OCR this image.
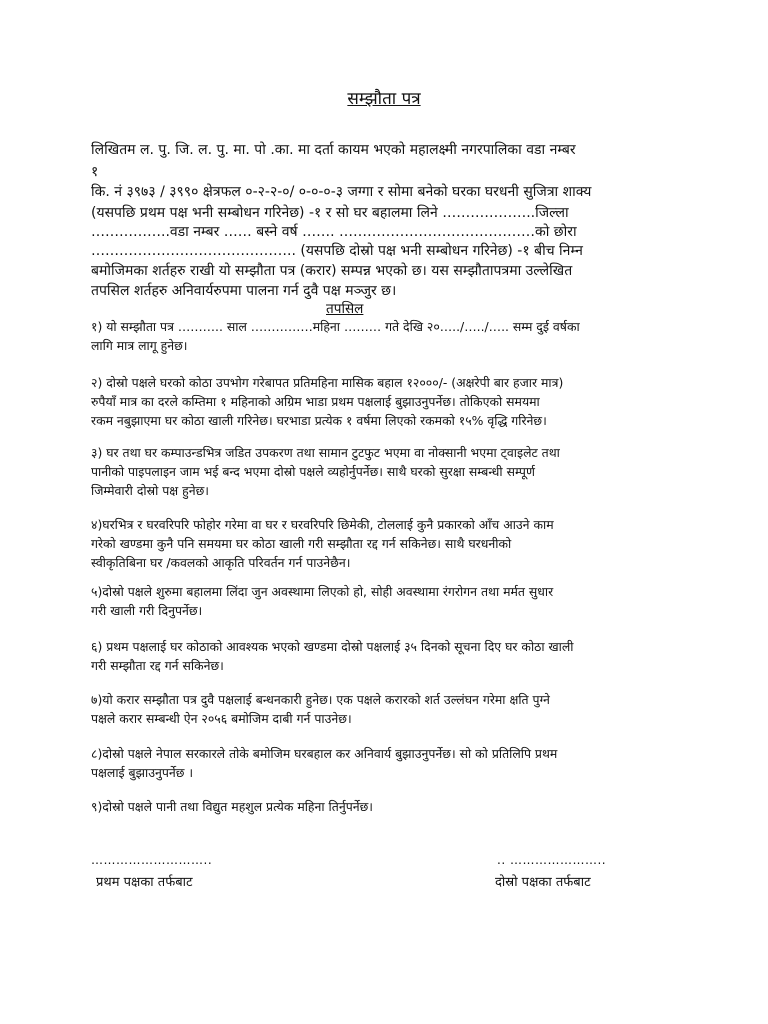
सम्झौता पत्र

लिखितम ल. पु. जि. ल. पु. मा. पो .का. मा दर्ता कायम भएको महालक्ष्मी नगरपालिका वडा नम्बर

१

कि. नं ३९७३ / ३९९० क्षेत्रफल ०-२-२-०/ ०-०-०-३ जग्गा र सोमा बनेको घरका घरधनी सुजित्रा शाक्य

(यसपछि प्रथम पक्ष भनी सम्बोधन गरिनेछ) -१ र सो घर बहालमा लिने ………………..जिल्ला

……………..वडा नम्बर …… बस्ने वर्ष ……. ……………………………………को छोरा

…………………………………….. (यसपछि दोस्रो पक्ष भनी सम्बोधन गरिनेछ) -१ बीच निम्न

बमोजिमका शर्तहरु राखी यो सम्झौता पत्र (करार) सम्पन्न भएको छ। यस सम्झौतापत्रमा उल्लेखित

तपसिल शर्तहरु अनिवार्यरुपमा पालना गर्न दुवै पक्ष मञ्जुर छ।

तपसिल

१) यो सम्झौता पत्र ……….. साल ……………महिना ……… गते देखि २०…../…../….. सम्म दुई वर्षका

लागि मात्र लागू हुनेछ।

२) दोस्रो पक्षले घरको कोठा उपभोग गरेबापत प्रतिमहिना मासिक बहाल १२०००/- (अक्षरेपी बार हजार मात्र)

रुपैयाँ मात्र का दरले कम्तिमा १ महिनाको अग्रिम भाडा प्रथम पक्षलाई बुझाउनुपर्नेछ। तोकिएको समयमा

रकम नबुझाएमा घर कोठा खाली गरिनेछ। घरभाडा प्रत्येक १ वर्षमा लिएको रकमको १५% वृद्धि गरिनेछ।

३) घर तथा घर कम्पाउन्डभित्र जडित उपकरण तथा सामान टुटफुट भएमा वा नोक्सानी भएमा ट्वाइलेट तथा

पानीको पाइपलाइन जाम भई बन्द भएमा दोस्रो पक्षले व्यहोर्नुपर्नेछ। साथै घरको सुरक्षा सम्बन्धी सम्पूर्ण

जिम्मेवारी दोस्रो पक्ष हुनेछ।

४)घरभित्र र घरवरिपरि फोहोर गरेमा वा घर र घरवरिपरि छिमेकी, टोललाई कुनै प्रकारको आँच आउने काम

गरेको खण्डमा कुनै पनि समयमा घर कोठा खाली गरी सम्झौता रद्द गर्न सकिनेछ। साथै घरधनीको

स्वीकृतिबिना घर /कवलको आकृति परिवर्तन गर्न पाउनेछैन।

५)दोस्रो पक्षले शुरुमा बहालमा लिंदा जुन अवस्थामा लिएको हो, सोही अवस्थामा रंगरोगन तथा मर्मत सुधार

गरी खाली गरी दिनुपर्नेछ।

६) प्रथम पक्षलाई घर कोठाको आवश्यक भएको खण्डमा दोस्रो पक्षलाई ३५ दिनको सूचना दिए घर कोठा खाली

गरी सम्झौता रद्द गर्न सकिनेछ।

७)यो करार सम्झौता पत्र दुवै पक्षलाई बन्धनकारी हुनेछ। एक पक्षले करारको शर्त उल्लंघन गरेमा क्षति पुग्ने

पक्षले करार सम्बन्धी ऐन २०५६ बमोजिम दाबी गर्न पाउनेछ।

८)दोस्रो पक्षले नेपाल सरकारले तोके बमोजिम घरबहाल कर अनिवार्य बुझाउनुपर्नेछ। सो को प्रतिलिपि प्रथम

पक्षलाई बुझाउनुपर्नेछ ।

९)दोस्रो पक्षले पानी तथा विद्युत महशुल प्रत्येक महिना तिर्नुपर्नेछ।

………………………..
प्रथम पक्षका तर्फबाट
.. …………………..
दोस्रो पक्षका तर्फबाट
